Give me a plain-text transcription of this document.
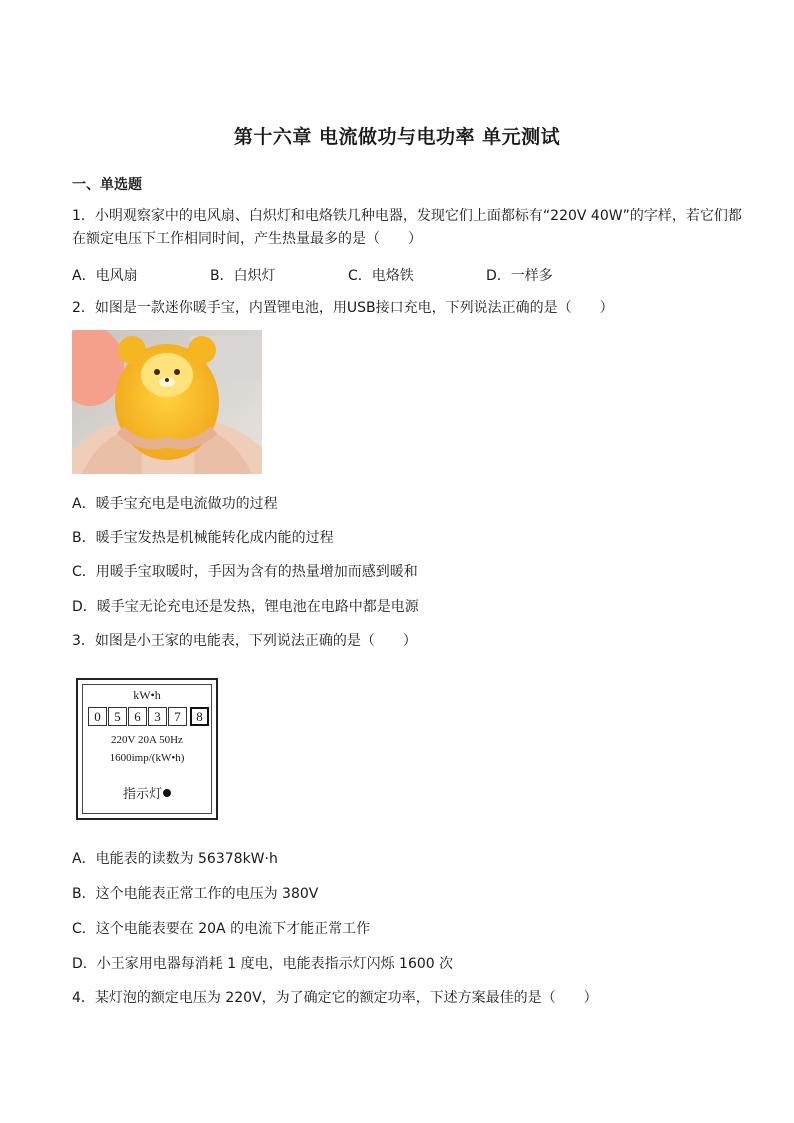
第十六章 电流做功与电功率 单元测试
一、单选题
1．小明观察家中的电风扇、白炽灯和电烙铁几种电器，发现它们上面都标有“220V 40W”的字样，若它们都
在额定电压下工作相同时间，产生热量最多的是（　　）
A．电风扇	B．白炽灯	C．电烙铁	D．一样多
2．如图是一款迷你暖手宝，内置锂电池，用USB接口充电，下列说法正确的是（　　）
A．暖手宝充电是电流做功的过程
B．暖手宝发热是机械能转化成内能的过程
C．用暖手宝取暖时，手因为含有的热量增加而感到暖和
D．暖手宝无论充电还是发热，锂电池在电路中都是电源
3．如图是小王家的电能表，下列说法正确的是（　　）
kW•h
0	5	6	3	7	8
220V 20A 50Hz
1600imp/(kW•h)
指示灯
A．电能表的读数为 56378kW·h
B．这个电能表正常工作的电压为 380V
C．这个电能表要在 20A 的电流下才能正常工作
D．小王家用电器每消耗 1 度电，电能表指示灯闪烁 1600 次
4．某灯泡的额定电压为 220V，为了确定它的额定功率，下述方案最佳的是（　　）
